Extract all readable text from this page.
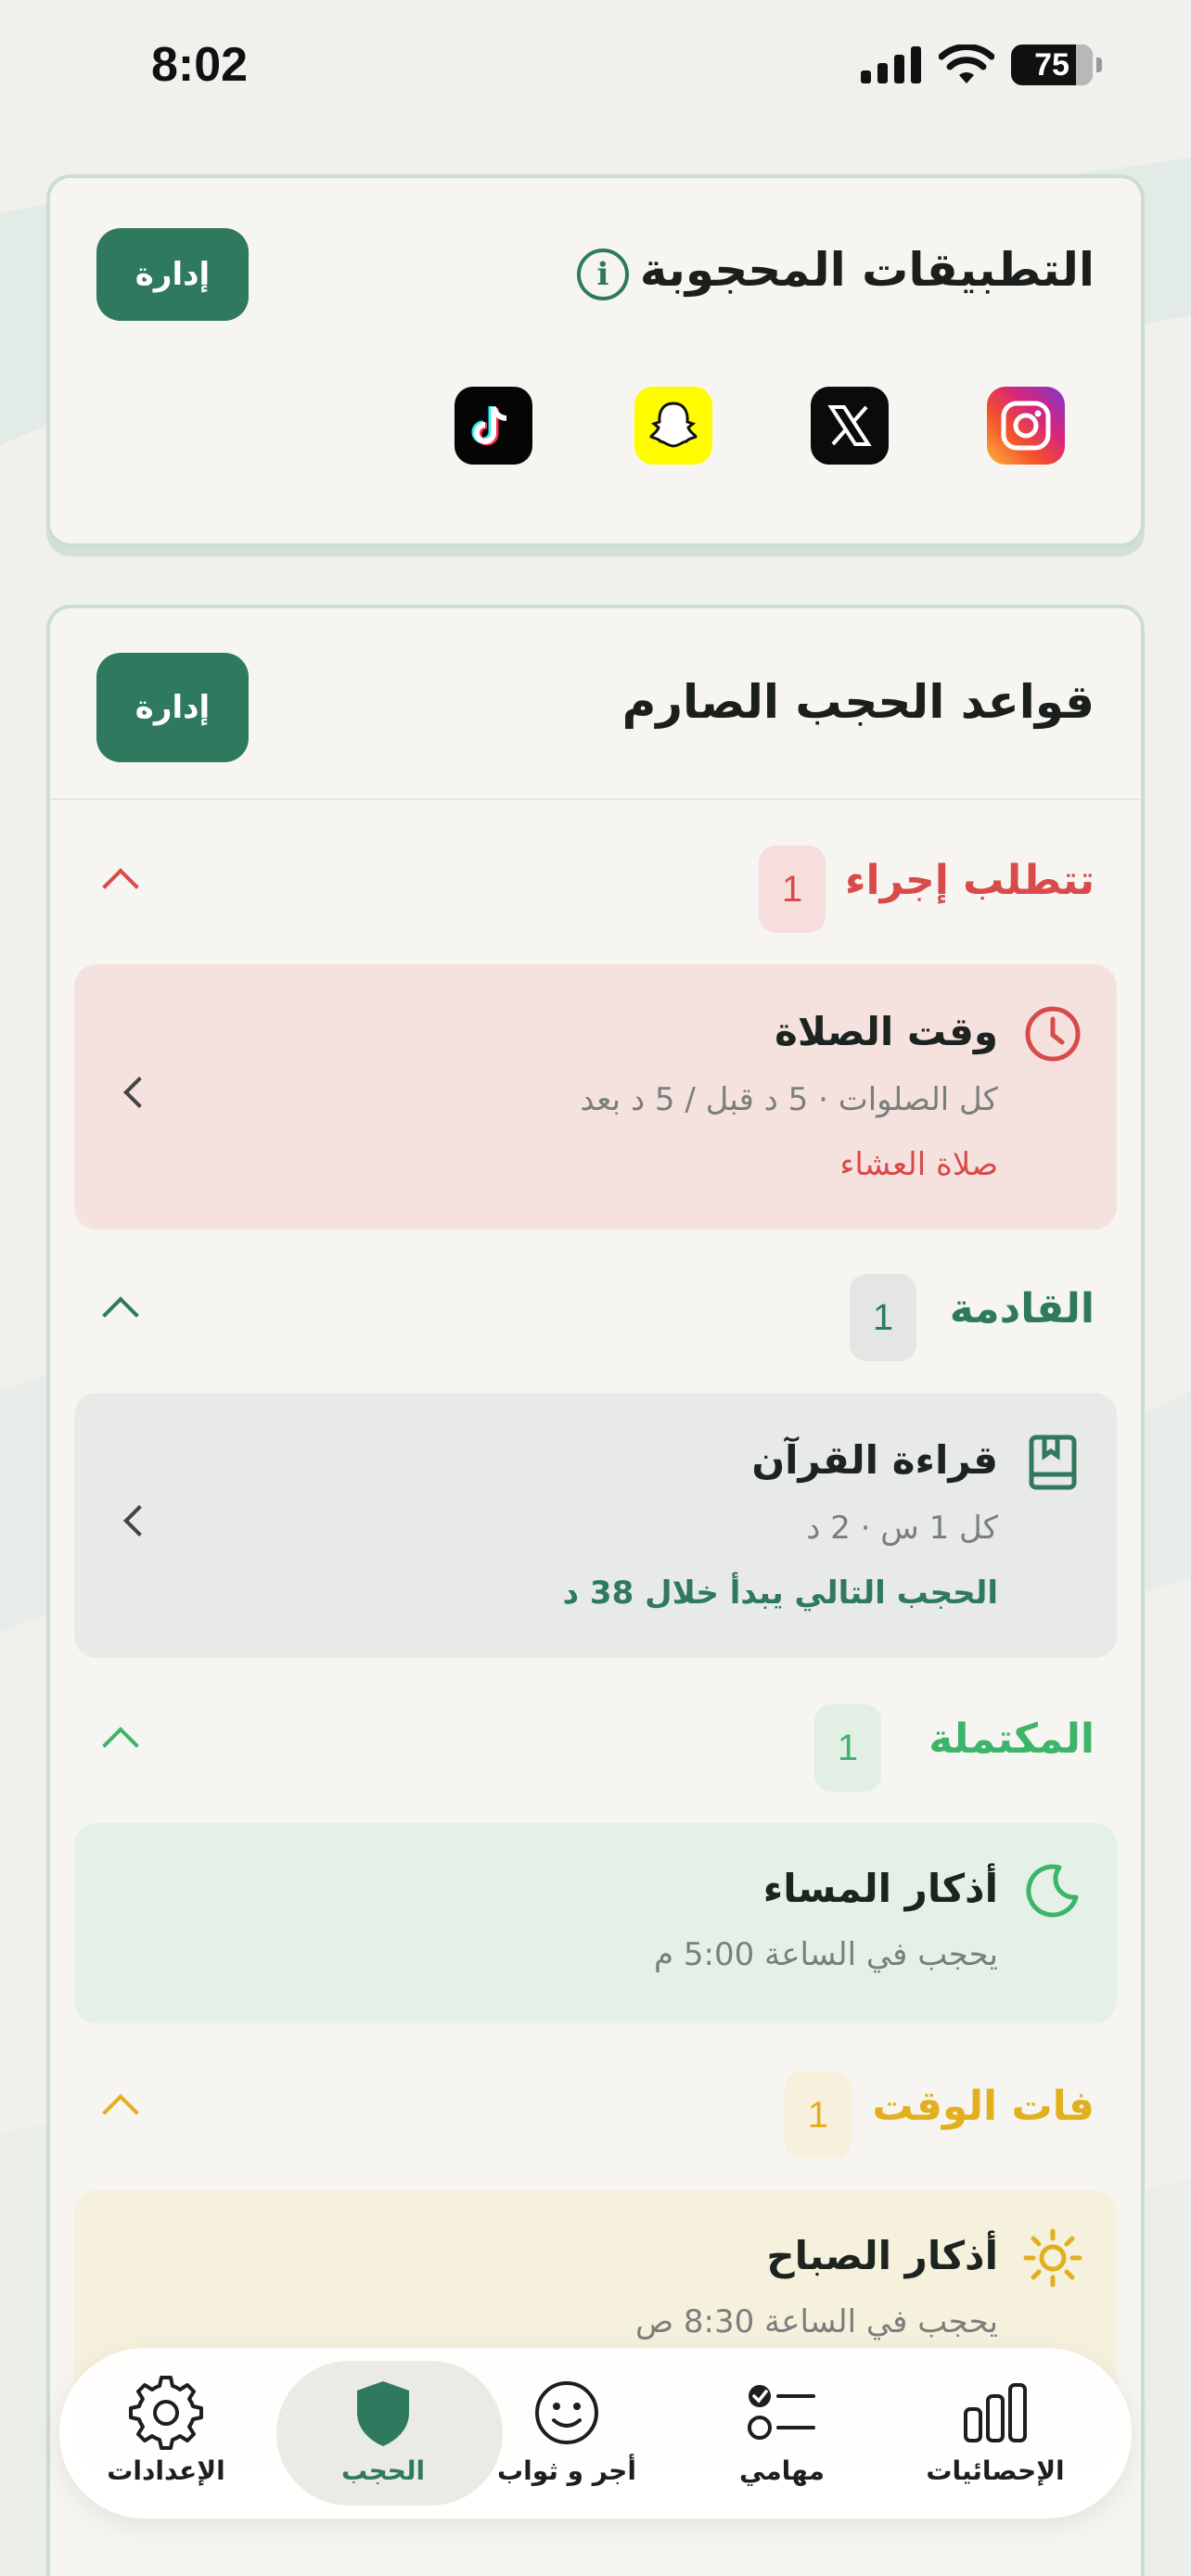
8:02	75
التطبيقات المحجوبة
i
إدارة
قواعد الحجب الصارم
إدارة
تتطلب إجراء
1
وقت الصلاة
كل الصلوات · 5 د قبل / 5 د بعد
صلاة العشاء
القادمة
1
قراءة القرآن
كل 1 س · 2 د
الحجب التالي يبدأ خلال 38 د
المكتملة
1
أذكار المساء
يحجب في الساعة 5:00 م
فات الوقت
1
أذكار الصباح
يحجب في الساعة 8:30 ص
الإحصائيات
مهامي
أجر و ثواب
الحجب
الإعدادات
